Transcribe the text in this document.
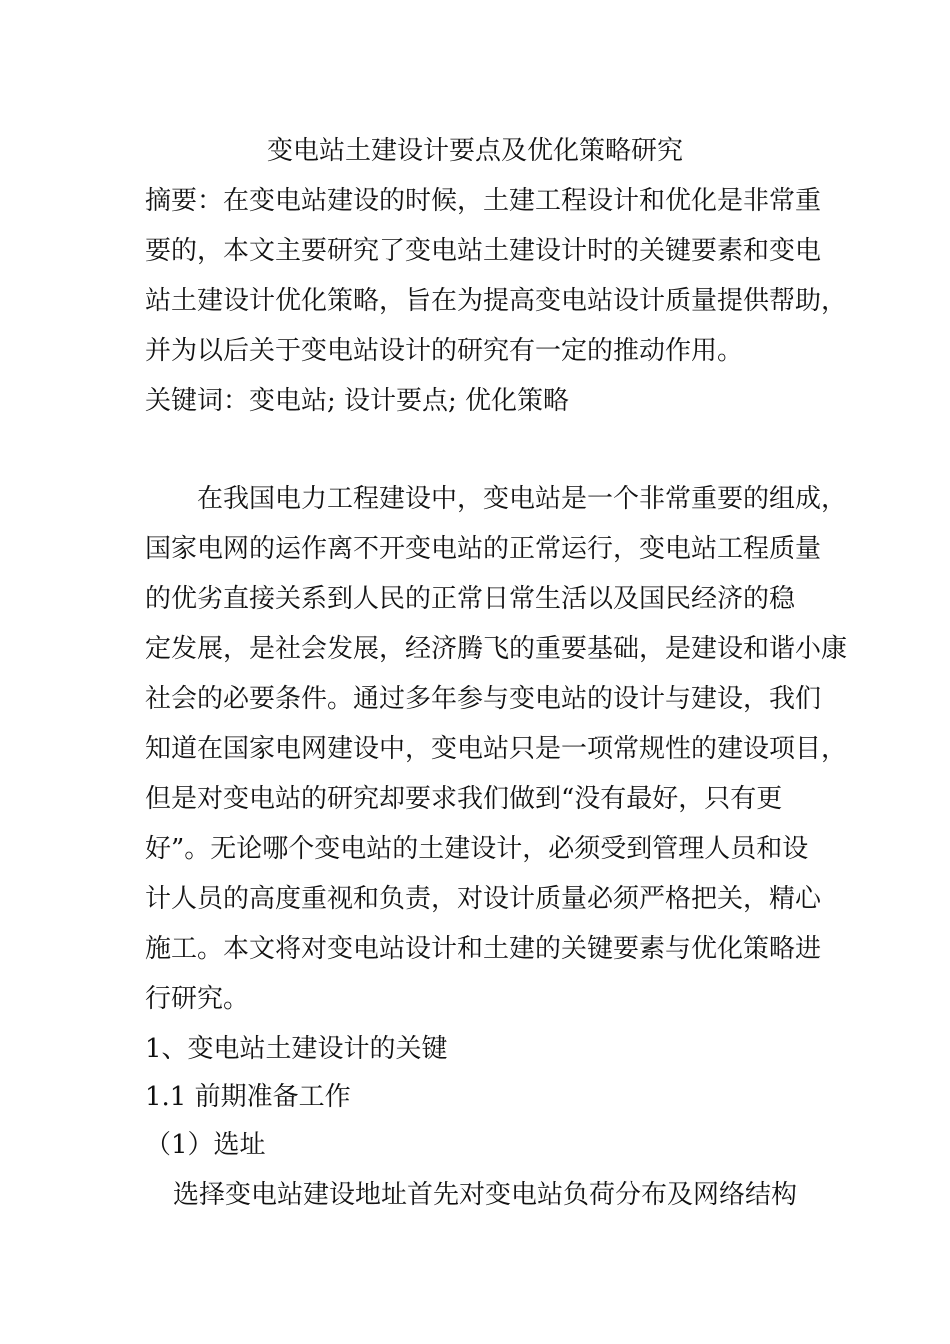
变电站土建设计要点及优化策略研究
摘要：在变电站建设的时候，土建工程设计和优化是非常重
要的，本文主要研究了变电站土建设计时的关键要素和变电
站土建设计优化策略，旨在为提高变电站设计质量提供帮助，
并为以后关于变电站设计的研究有一定的推动作用。
关键词：变电站; 设计要点; 优化策略
在我国电力工程建设中，变电站是一个非常重要的组成，
国家电网的运作离不开变电站的正常运行，变电站工程质量
的优劣直接关系到人民的正常日常生活以及国民经济的稳
定发展，是社会发展，经济腾飞的重要基础，是建设和谐小康
社会的必要条件。通过多年参与变电站的设计与建设，我们
知道在国家电网建设中，变电站只是一项常规性的建设项目，
但是对变电站的研究却要求我们做到“没有最好，只有更
好”。无论哪个变电站的土建设计，必须受到管理人员和设
计人员的高度重视和负责，对设计质量必须严格把关，精心
施工。本文将对变电站设计和土建的关键要素与优化策略进
行研究。
1、变电站土建设计的关键
1.1 前期准备工作
（1）选址
选择变电站建设地址首先对变电站负荷分布及网络结构
